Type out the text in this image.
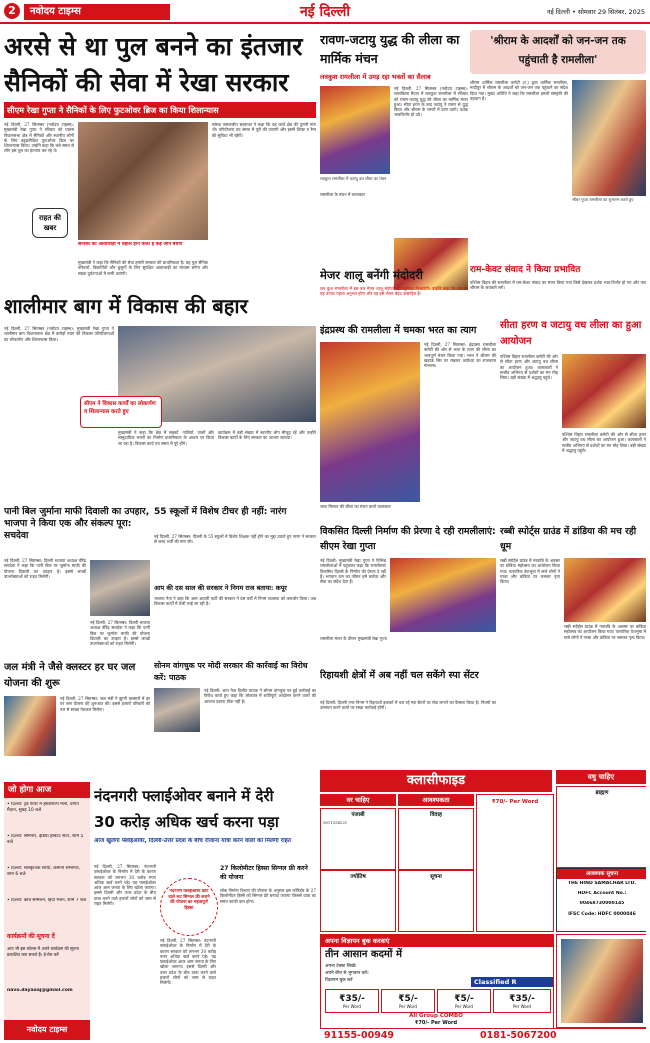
2	नवोदय टाइम्स	नई दिल्ली	नई दिल्ली • सोमवार 29 सितंबर, 2025
अरसे से था पुल बनने का इंतजार
सैनिकों की सेवा में रेखा सरकार
सीएम रेखा गुप्ता ने सैनिकों के लिए फुटओवर ब्रिज का किया शिलान्यास
नई दिल्ली, 27 सितम्बर (नवोदय टाइम्स): मुख्यमंत्री रेखा गुप्ता ने रविवार को पालम विधानसभा क्षेत्र में सैनिकों और स्थानीय लोगों के लिए बहुप्रतीक्षित फुटओवर ब्रिज का शिलान्यास किया। उन्होंने कहा कि लंबे समय से लोग इस पुल का इंतजार कर रहे थे।
राहत की खबर
सैनिकों को आवाजाही में बहाल होने वाली है कई जानें बचेंगी
मुख्यमंत्री ने कहा कि सैनिकों की सेवा हमारी सरकार की प्राथमिकता है। यह पुल सैनिक परिवारों, विद्यार्थियों और बुजुर्गों के लिए सुरक्षित आवाजाही का माध्यम बनेगा और सड़क दुर्घटनाओं में कमी आएगी।
सांसद कमलजीत सहरावत ने कहा कि यह कार्य क्षेत्र की पुरानी मांग थी। परियोजना तय समय में पूरी की जाएगी और इसमें लिफ्ट व रैम्प की सुविधा भी रहेगी।
रावण-जटायु युद्ध की लीला का मार्मिक मंचन
लवकुश रामलीला में उमड़ रहा भक्तों का सैलाब
लवकुश रामलीला में जटायु वध लीला का मंचन
नई दिल्ली, 27 सितम्बर (नवोदय टाइम्स): लालकिला मैदान में लवकुश रामलीला में रविवार को रावण-जटायु युद्ध की लीला का मार्मिक मंचन हुआ। सीता हरण के बाद जटायु ने रावण से युद्ध किया और श्रीराम के चरणों में प्राण त्यागे। दर्शक भावविभोर हो उठे।
रामलीला के मंचन में कलाकार
मेजर शालू बनेंगी मंदोदरी
लव कुश रामलीला में इस बार मेजर शालू मंदोदरी की भूमिका निभाएंगी। उन्होंने कहा कि मंच पर यह उनका पहला अनुभव होगा और वह इसे लेकर बेहद उत्साहित हैं।
'श्रीराम के आदर्शों को जन-जन तक पहुंचाती है रामलीला'
श्रीराम धार्मिक रामलीला कमेटी (र.) द्वारा धार्मिक रामलीला, मादीपुर में श्रीराम के आदर्शों को जन-जन तक पहुंचाने का संदेश दिया गया। मुख्य अतिथि ने कहा कि रामलीला हमारी संस्कृति की पहचान है।
श्रीधर गुप्ता रामलीला का शुभारंभ करते हुए
राम-केवट संवाद ने किया प्रभावित
पश्चिम विहार की रामलीला में राम-केवट संवाद का मंचन किया गया जिसे देखकर दर्शक भाव-विभोर हो गए और जय श्रीराम के जयकारे लगे।
शालीमार बाग में विकास की बहार
नई दिल्ली, 27 सितम्बर (नवोदय टाइम्स): मुख्यमंत्री रेखा गुप्ता ने शालीमार बाग विधानसभा क्षेत्र में करोड़ों रुपए की विकास परियोजनाओं का लोकार्पण और शिलान्यास किया।
सीएम ने विकास कार्यों का लोकार्पण व शिलान्यास करते हुए
मुख्यमंत्री ने कहा कि क्षेत्र में सड़कों, नालियों, पार्कों और सामुदायिक भवनों का निर्माण प्राथमिकता के आधार पर किया जा रहा है। विकास कार्य तय समय में पूरे होंगे।
कार्यक्रम में बड़ी संख्या में स्थानीय लोग मौजूद रहे और उन्होंने विकास कार्यों के लिए सरकार का आभार जताया।
इंद्रप्रस्थ की रामलीला में चमका भरत का त्याग
भरत मिलाप की लीला का मंचन करते कलाकार
नई दिल्ली, 27 सितम्बर: इंद्रप्रस्थ रामलीला कमेटी की ओर से भरत के त्याग की लीला का भावपूर्ण मंचन किया गया। भरत ने श्रीराम की खड़ाऊं सिर पर रखकर अयोध्या का राजकाज संभाला।
सीता हरण व जटायु वध लीला का हुआ आयोजन
पश्चिम विहार रामलीला कमेटी की ओर से सीता हरण और जटायु वध लीला का आयोजन हुआ। कलाकारों ने सजीव अभिनय से दर्शकों का मन मोह लिया। बड़ी संख्या में श्रद्धालु पहुंचे।
पश्चिम विहार रामलीला कमेटी की ओर से सीता हरण और जटायु वध लीला का आयोजन हुआ। कलाकारों ने सजीव अभिनय से दर्शकों का मन मोह लिया। बड़ी संख्या में श्रद्धालु पहुंचे।
पानी बिल जुर्माना माफी दिवाली का उपहार, भाजपा ने किया एक और संकल्प पूरा: सचदेवा
नई दिल्ली, 27 सितम्बर: दिल्ली भाजपा अध्यक्ष वीरेंद्र सचदेवा ने कहा कि पानी बिल पर जुर्माना माफी की योजना दिवाली का उपहार है। इससे लाखों उपभोक्ताओं को राहत मिलेगी।
नई दिल्ली, 27 सितम्बर: दिल्ली भाजपा अध्यक्ष वीरेंद्र सचदेवा ने कहा कि पानी बिल पर जुर्माना माफी की योजना दिवाली का उपहार है। इससे लाखों उपभोक्ताओं को राहत मिलेगी।
55 स्कूलों में विशेष टीचर ही नहीं: नारंग
नई दिल्ली, 27 सितम्बर: दिल्ली के 55 स्कूलों में विशेष शिक्षक नहीं होने का मुद्दा उठाते हुए नारंग ने सरकार से जल्द भर्ती की मांग की।
आप की दस साल की सरकार ने निगम राज बताया: कपूर
भाजपा नेता ने कहा कि आम आदमी पार्टी की सरकार ने दस वर्षों में निगम व्यवस्था को कमजोर किया। अब विकास कार्यों में तेजी लाई जा रही है।
विकसित दिल्ली निर्माण की प्रेरणा दे रही रामलीलाएं: सीएम रेखा गुप्ता
नई दिल्ली: मुख्यमंत्री रेखा गुप्ता ने विभिन्न रामलीलाओं में पहुंचकर कहा कि रामलीलाएं विकसित दिल्ली के निर्माण की प्रेरणा दे रही हैं। भगवान राम का जीवन हमें कर्तव्य और सेवा का संदेश देता है।
रामलीला मंचन के दौरान मुख्यमंत्री रेखा गुप्ता
रब्बी स्पोर्ट्स ग्राउंड में डांडिया की मच रही धूम
रब्बी स्पोर्ट्स ग्राउंड में नवरात्रि के अवसर पर डांडिया महोत्सव का आयोजन किया गया। पारंपरिक वेशभूषा में सजे लोगों ने गरबा और डांडिया पर जमकर नृत्य किया।
रब्बी स्पोर्ट्स ग्राउंड में नवरात्रि के अवसर पर डांडिया महोत्सव का आयोजन किया गया। पारंपरिक वेशभूषा में सजे लोगों ने गरबा और डांडिया पर जमकर नृत्य किया।
जल मंत्री ने जैसे क्लस्टर हर घर जल योजना की शुरू
नई दिल्ली, 27 सितम्बर: जल मंत्री ने झुग्गी क्लस्टरों में हर घर जल योजना की शुरुआत की। इससे हजारों परिवारों को नल से स्वच्छ पेयजल मिलेगा।
सोनम वांगचुक पर मोदी सरकार की कार्रवाई का विरोध करें: पाठक
नई दिल्ली: आप नेता दिलीप पाठक ने सोनम वांगचुक पर हुई कार्रवाई का विरोध करते हुए कहा कि लोकतंत्र में शांतिपूर्ण आंदोलन करने वालों की आवाज दबाना ठीक नहीं है।
रिहायशी क्षेत्रों में अब नहीं चल सकेंगे स्पा सेंटर
नई दिल्ली: दिल्ली नगर निगम ने रिहायशी इलाकों में चल रहे स्पा सेंटरों पर रोक लगाने का फैसला किया है। नियमों का उल्लंघन करने वालों पर सख्त कार्रवाई होगी।
क्लासीफाइड
वर चाहिए	आवश्यकता
वधु चाहिए
पंजाबी
9811554521
विवाह
ज्योतिष	सूचना
₹70/- Per Word
ब्राह्मण
आवश्यक सूचना
THE HIND SAMACHAR LTD.
HDFC Account No.:
00468730000145
IFSC Code: HDFC 0000046
अपना विज्ञापन बुक करवाएं
तीन आसान कदमों में
अपना टेक्स्ट लिखें।
अपने बीच से भुगतान करें।
विज्ञापन बुक करें	Classified R
₹35/-
Per Word
₹5/-
Per Word
₹5/-
Per Word
₹35/-
Per Word
All Group COMBO
₹70/- Per Word
91155-00949	0181-5067200
जो होगा आज
• दिल्ली: ट्रेड फेयर में हस्तशिल्प मेला, प्रगति मैदान, सुबह 10 बजे
• दिल्ली: सेमिनार, इंडिया हैबिटैट सेंटर, शाम 5 बजे
• दिल्ली: सांस्कृतिक संध्या, कमानी सभागार, शाम 6 बजे
• दिल्ली: कवि सम्मेलन, हिंदी भवन, शाम 7 बजे
कार्यक्रमों की सूचना दें
आप भी इस कॉलम में अपने कार्यक्रम की सूचना प्रकाशित करा सकते हैं। ई-मेल करें
navo.dayaaaj@gmail.com
नवोदय टाइम्स
नंदनगरी फ्लाईओवर बनाने में देरी
30 करोड़ अधिक खर्च करना पड़ा
आज खुलेगा फ्लाईओवर, दिल्ली-उत्तर प्रदेश के बीच रोजाना यात्रा करने वालों को मिलेगी राहत
नई दिल्ली, 27 सितम्बर: नंदनगरी फ्लाईओवर के निर्माण में देरी के कारण सरकार को लगभग 30 करोड़ रुपए अधिक खर्च करने पड़े। यह फ्लाईओवर आज आम जनता के लिए खोला जाएगा। इससे दिल्ली और उत्तर प्रदेश के बीच यात्रा करने वाले हजारों लोगों को जाम से राहत मिलेगी।
नंदनगरी फ्लाईओवर कोर्ट वाले रूट सिग्नल फ्री बनाने की योजना का महत्वपूर्ण हिस्सा
नई दिल्ली, 27 सितम्बर: नंदनगरी फ्लाईओवर के निर्माण में देरी के कारण सरकार को लगभग 30 करोड़ रुपए अधिक खर्च करने पड़े। यह फ्लाईओवर आज आम जनता के लिए खोला जाएगा। इससे दिल्ली और उत्तर प्रदेश के बीच यात्रा करने वाले हजारों लोगों को जाम से राहत मिलेगी।
27 किलोमीटर हिस्सा सिग्नल फ्री करने की योजना
लोक निर्माण विभाग की योजना के अनुसार इस कॉरिडोर के 27 किलोमीटर हिस्से को सिग्नल फ्री बनाया जाएगा जिससे यात्रा का समय काफी कम होगा।
